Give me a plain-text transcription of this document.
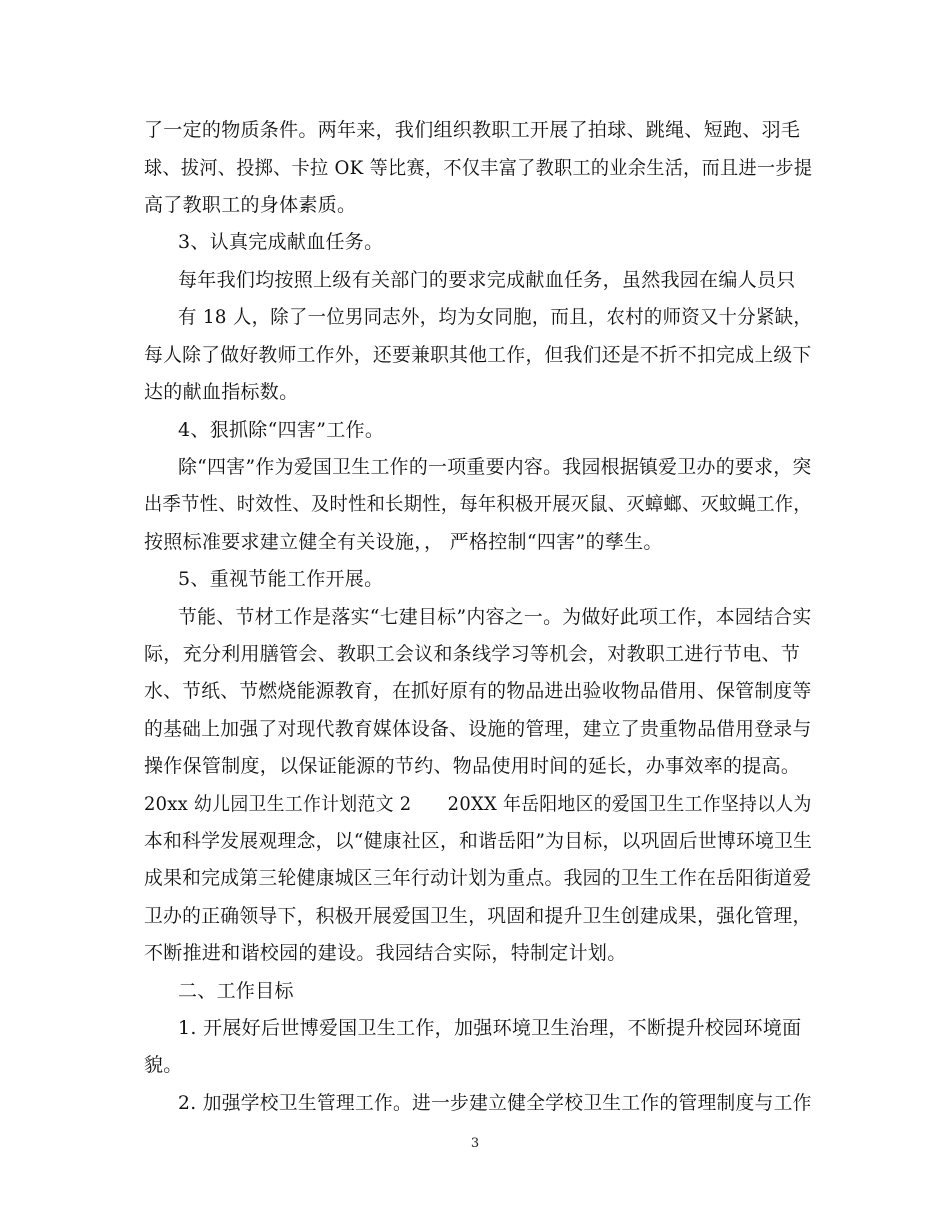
了一定的物质条件。两年来，我们组织教职工开展了拍球、跳绳、短跑、羽毛
球、拔河、投掷、卡拉 OK 等比赛，不仅丰富了教职工的业余生活，而且进一步提
高了教职工的身体素质。
3、认真完成献血任务。
每年我们均按照上级有关部门的要求完成献血任务，虽然我园在编人员只
有 18 人，除了一位男同志外，均为女同胞，而且，农村的师资又十分紧缺，
每人除了做好教师工作外，还要兼职其他工作，但我们还是不折不扣完成上级下
达的献血指标数。
4、狠抓除“四害”工作。
除“四害”作为爱国卫生工作的一项重要内容。我园根据镇爱卫办的要求，突
出季节性、时效性、及时性和长期性，每年积极开展灭鼠、灭蟑螂、灭蚊蝇工作，
按照标准要求建立健全有关设施，， 严格控制“四害”的孳生。
5、重视节能工作开展。
节能、节材工作是落实“七建目标”内容之一。为做好此项工作，本园结合实
际，充分利用膳管会、教职工会议和条线学习等机会，对教职工进行节电、节
水、节纸、节燃烧能源教育，在抓好原有的物品进出验收物品借用、保管制度等
的基础上加强了对现代教育媒体设备、设施的管理，建立了贵重物品借用登录与
操作保管制度，以保证能源的节约、物品使用时间的延长，办事效率的提高。
20xx 幼儿园卫生工作计划范文 2　　20XX 年岳阳地区的爱国卫生工作坚持以人为
本和科学发展观理念，以“健康社区，和谐岳阳”为目标，以巩固后世博环境卫生
成果和完成第三轮健康城区三年行动计划为重点。我园的卫生工作在岳阳街道爱
卫办的正确领导下，积极开展爱国卫生，巩固和提升卫生创建成果，强化管理，
不断推进和谐校园的建设。我园结合实际，特制定计划。
二、工作目标
1. 开展好后世博爱国卫生工作，加强环境卫生治理，不断提升校园环境面
貌。
2. 加强学校卫生管理工作。进一步建立健全学校卫生工作的管理制度与工作
3
